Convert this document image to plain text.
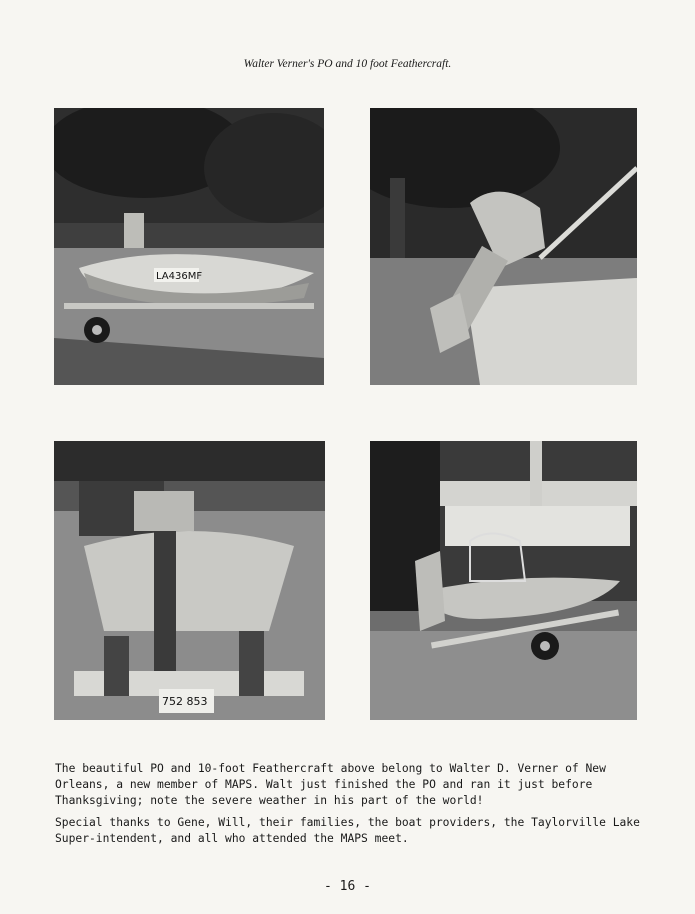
Walter Verner's PO and 10 foot Feathercraft.
LA436MF
752 853
The beautiful PO and 10-foot Feathercraft above belong to Walter D. Verner of New Orleans, a new member of MAPS. Walt just finished the PO and ran it just before Thanksgiving; note the severe weather in his part of the world!
Special thanks to Gene, Will, their families, the boat providers, the Taylorville Lake Super-intendent, and all who attended the MAPS meet.
- 16 -
